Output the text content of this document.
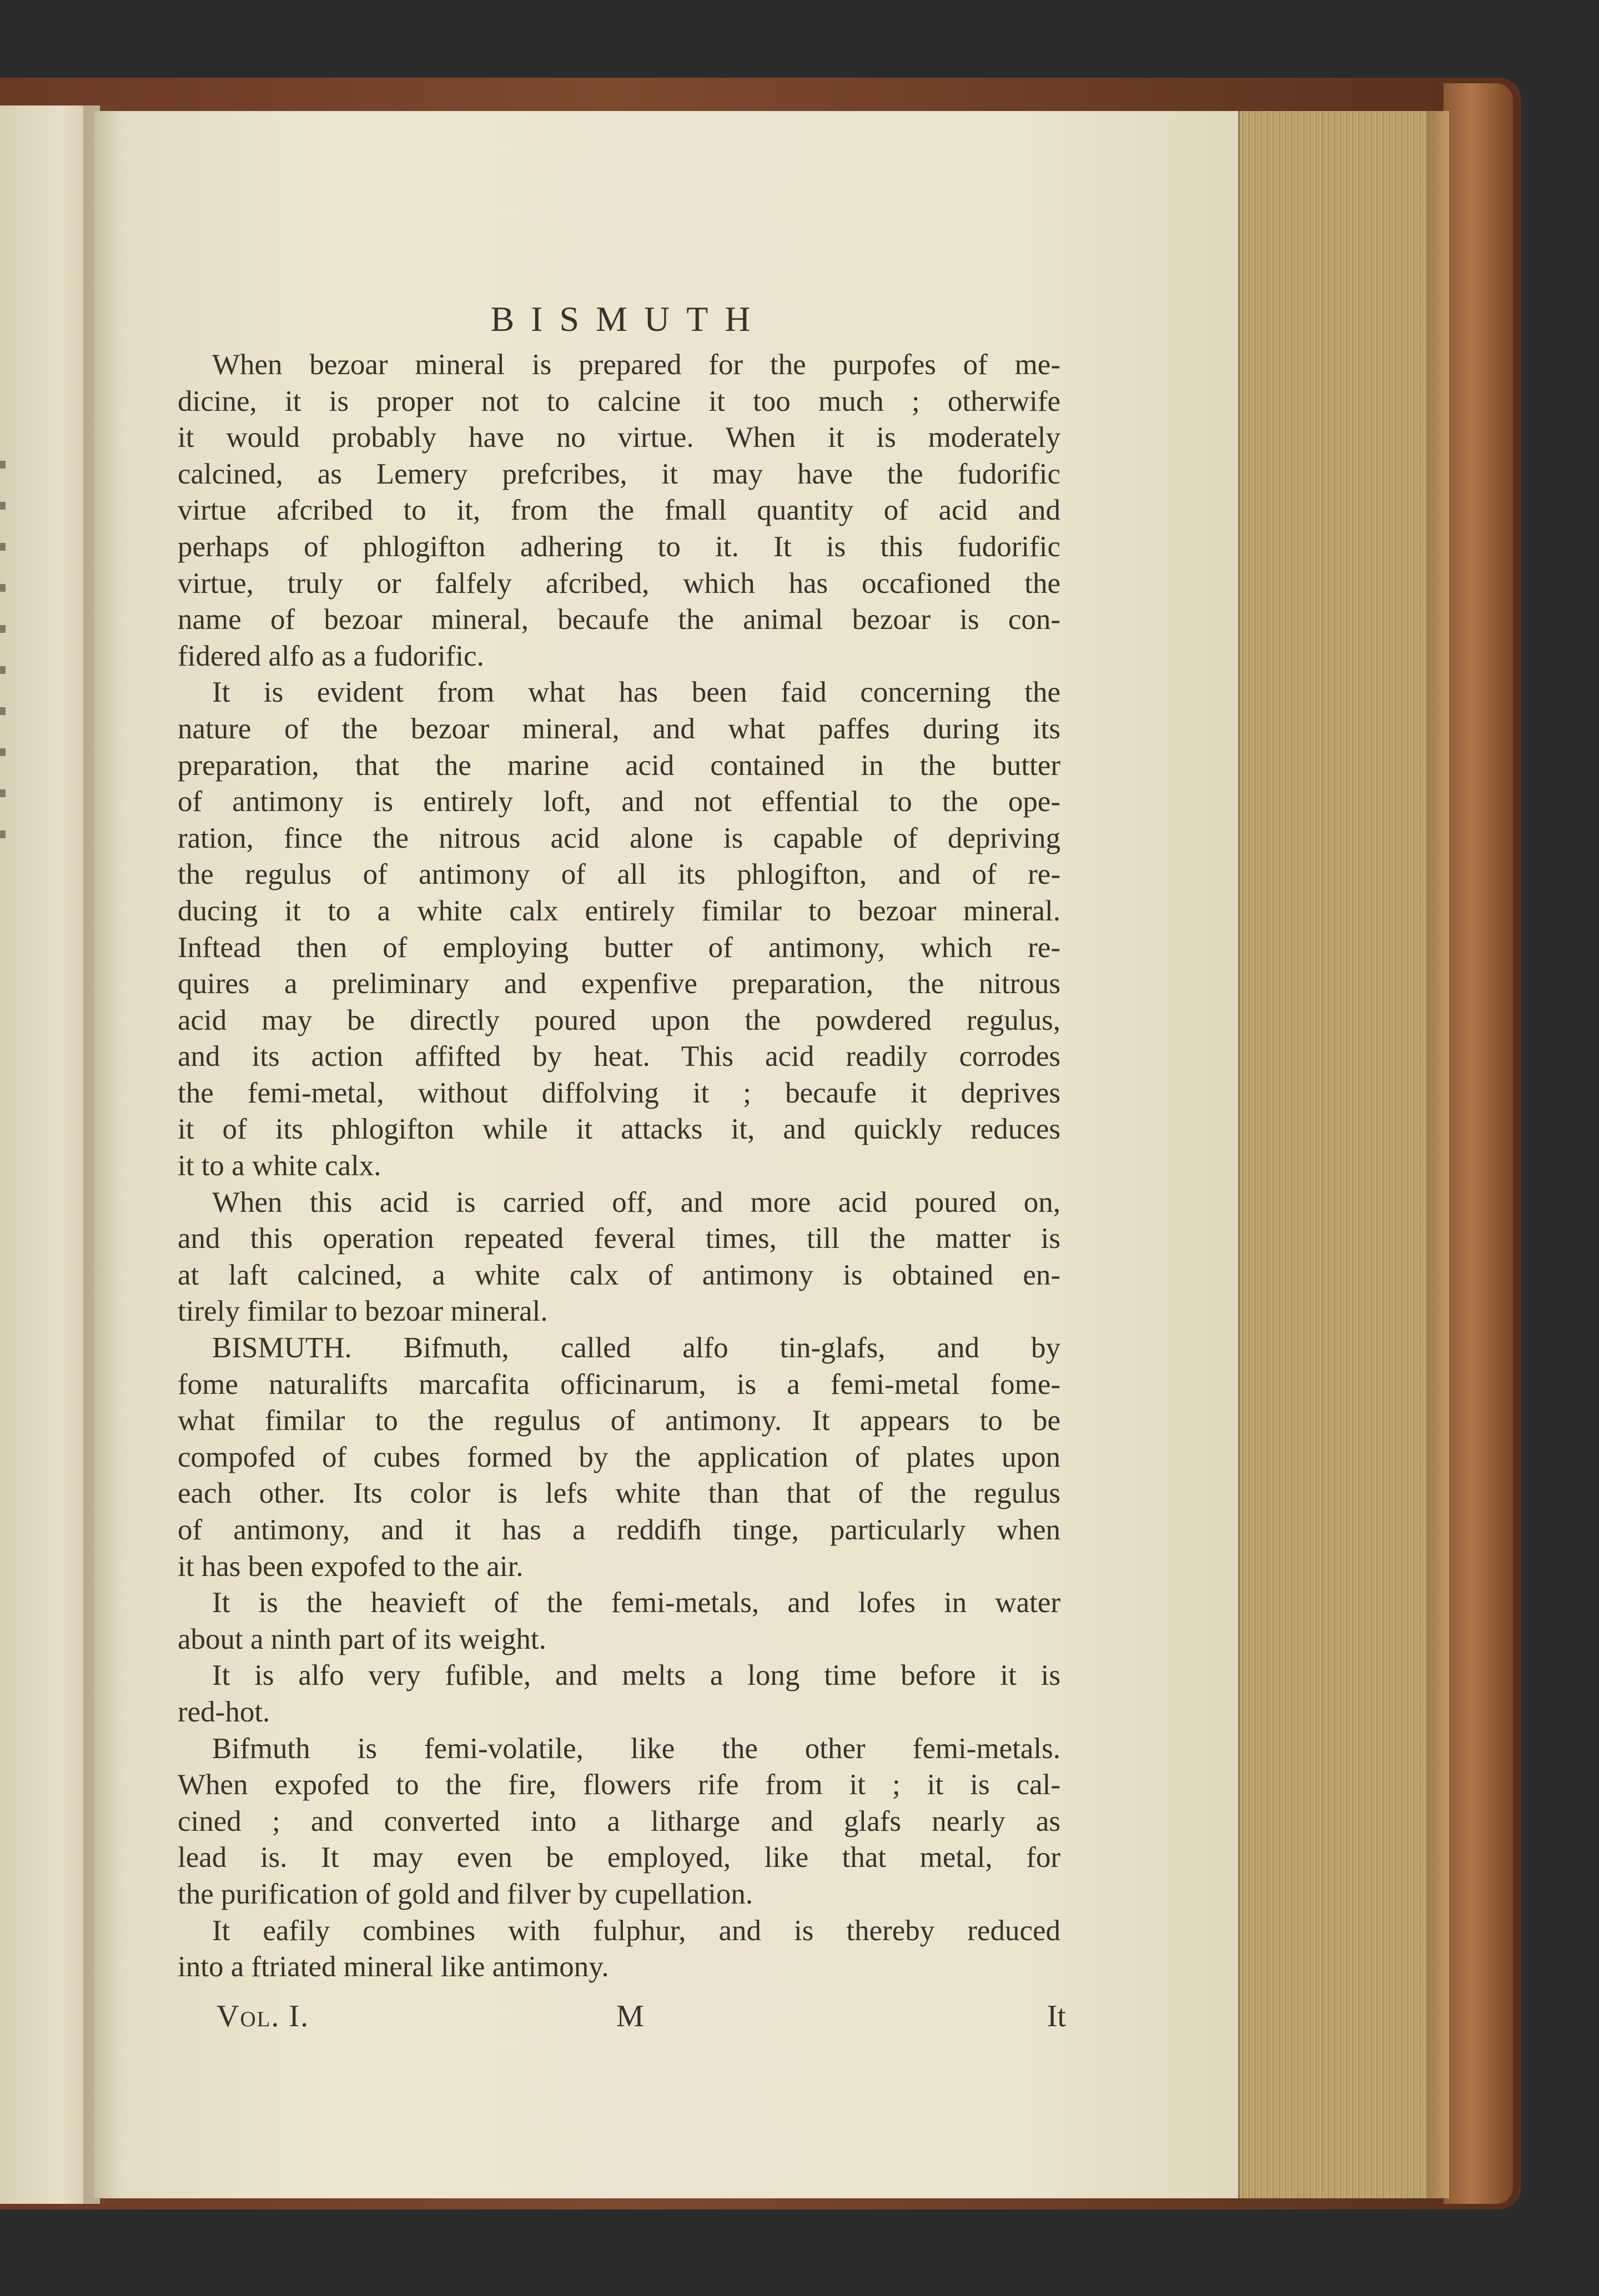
BISMUTH
When bezoar mineral is prepared for the purpofes of me-
dicine, it is proper not to calcine it too much ; otherwife
it would probably have no virtue. When it is moderately
calcined, as Lemery prefcribes, it may have the fudorific
virtue afcribed to it, from the fmall quantity of acid and
perhaps of phlogifton adhering to it. It is this fudorific
virtue, truly or falfely afcribed, which has occafioned the
name of bezoar mineral, becaufe the animal bezoar is con-
fidered alfo as a fudorific.
It is evident from what has been faid concerning the
nature of the bezoar mineral, and what paffes during its
preparation, that the marine acid contained in the butter
of antimony is entirely loft, and not effential to the ope-
ration, fince the nitrous acid alone is capable of depriving
the regulus of antimony of all its phlogifton, and of re-
ducing it to a white calx entirely fimilar to bezoar mineral.
Inftead then of employing butter of antimony, which re-
quires a preliminary and expenfive preparation, the nitrous
acid may be directly poured upon the powdered regulus,
and its action affifted by heat. This acid readily corrodes
the femi-metal, without diffolving it ; becaufe it deprives
it of its phlogifton while it attacks it, and quickly reduces
it to a white calx.
When this acid is carried off, and more acid poured on,
and this operation repeated feveral times, till the matter is
at laft calcined, a white calx of antimony is obtained en-
tirely fimilar to bezoar mineral.
BISMUTH. Bifmuth, called alfo tin-glafs, and by
fome naturalifts marcafita officinarum, is a femi-metal fome-
what fimilar to the regulus of antimony. It appears to be
compofed of cubes formed by the application of plates upon
each other. Its color is lefs white than that of the regulus
of antimony, and it has a reddifh tinge, particularly when
it has been expofed to the air.
It is the heavieft of the femi-metals, and lofes in water
about a ninth part of its weight.
It is alfo very fufible, and melts a long time before it is
red-hot.
Bifmuth is femi-volatile, like the other femi-metals.
When expofed to the fire, flowers rife from it ; it is cal-
cined ; and converted into a litharge and glafs nearly as
lead is. It may even be employed, like that metal, for
the purification of gold and filver by cupellation.
It eafily combines with fulphur, and is thereby reduced
into a ftriated mineral like antimony.
Vol. I.	M	It
